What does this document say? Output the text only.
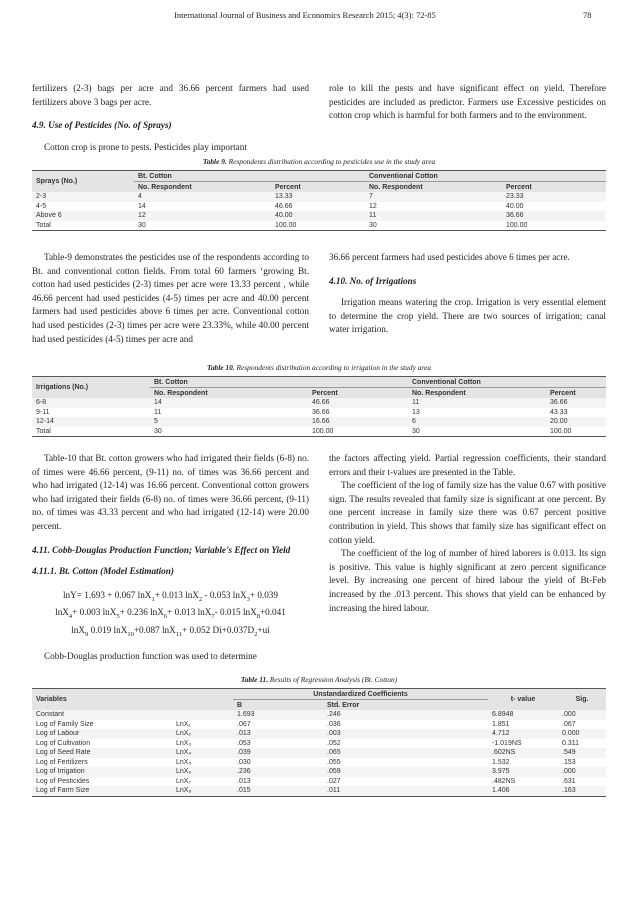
International Journal of Business and Economics Research 2015; 4(3): 72-85	78

fertilizers (2-3) bags per acre and 36.66 percent farmers had used fertilizers above 3 bags per acre.

4.9. Use of Pesticides (No. of Sprays)

Cotton crop is prone to pests. Pesticides play important

role to kill the pests and have significant effect on yield. Therefore pesticides are included as predictor. Farmers use Excessive pesticides on cotton crop which is harmful for both farmers and to the environment.

Table 9. Respondents distribution according to pesticides use in the study area
Sprays (No.)	Bt. Cotton		Conventional Cotton	
	No. Respondent	Percent	No. Respondent	Percent
2-3	4	13.33	7	23.33
4-5	14	46.66	12	40.00
Above 6	12	40.00	11	36.66
Total	30	100.00	30	100.00

Table-9 demonstrates the pesticides use of the respondents according to Bt. and conventional cotton fields. From total 60 farmers ‘growing Bt. cotton had used pesticides (2-3) times per acre were 13.33 percent , while 46.66 percent had used pesticides (4-5) times per acre and 40.00 percent farmers had used pesticides above 6 times per acre. Conventional cotton had used pesticides (2-3) times per acre were 23.33%, while 40.00 percent had used pesticides (4-5) times per acre and

36.66 percent farmers had used pesticides above 6 times per acre.

4.10. No. of Irrigations

Irrigation means watering the crop. Irrigation is very essential element to determine the crop yield. There are two sources of irrigation; canal water irrigation.

Table 10. Respondents distribution according to irrigation in the study area
Irrigations (No.)	Bt. Cotton		Conventional Cotton	
	No. Respondent	Percent	No. Respondent	Percent
6-8	14	46.66	11	36.66
9-11	11	36.66	13	43.33
12-14	5	16.66	6	20.00
Total	30	100.00	30	100.00

Table-10 that Bt. cotton growers who had irrigated their fields (6-8) no. of times were 46.66 percent, (9-11) no. of times was 36.66 percent and who had irrigated (12-14) was 16.66 percent. Conventional cotton growers who had irrigated their fields (6-8) no. of times were 36.66 percent, (9-11) no. of times was 43.33 percent and who had irrigated (12-14) were 20.00 percent.

4.11. Cobb-Douglas Production Function; Variable's Effect on Yield

4.11.1. Bt. Cotton (Model Estimation)

lnY= 1.693 + 0.067 lnX$_1$+ 0.013 lnX$_2$ - 0.053 lnX$_3$+ 0.039
lnX$_4$+ 0.003 lnX$_5$+ 0.236 lnX$_6$+ 0.013 lnX$_7$- 0.015 lnX$_8$+0.041
lnX$_9$ 0.019 lnX$_{10}$+0.087 lnX$_{11}$+ 0.052 $Di+0.037D_2+ui$

Cobb-Douglas production function was used to determine

the factors affecting yield. Partial regression coefficients, their standard errors and their t-values are presented in the Table.

The coefficient of the log of family size has the value 0.67 with positive sign. The results revealed that family size is significant at one percent. By one percent increase in family size there was 0.67 percent positive contribution in yield. This shows that family size has significant effect on cotton yield.

The coefficient of the log of number of hired laborers is 0.013. Its sign is positive. This value is highly significant at zero percent significance level. By increasing one percent of hired labour the yield of Bt-Feb increased by the .013 percent. This shows that yield can be enhanced by increasing the hired labour.

Table 11. Results of Regression Analysis (Bt. Cotton)
Variables		Unstandardized Coefficients		t- value	Sig.
		B	Std. Error		
Constant		1.693	.246	6.8948	.000
Log of Family Size	LnX₁	.067	.036	1.851	.067
Log of Labour	LnX₂	.013	.003	4.712	0.000
Log of Cultivation	LnX₃	.053	.052	-1.019NS	0.311
Log of Seed Rate	LnX₄	.039	.065	.602NS	.549
Log of Fertilizers	LnX₅	.030	.055	1.532	.153
Log of Irrigation	LnX₆	.236	.059	3.975	.000
Log of Pesticides	LnX₇	.013	.027	.482NS	.631
Log of Farm Size	LnX₈	.015	.011	1.406	.163
